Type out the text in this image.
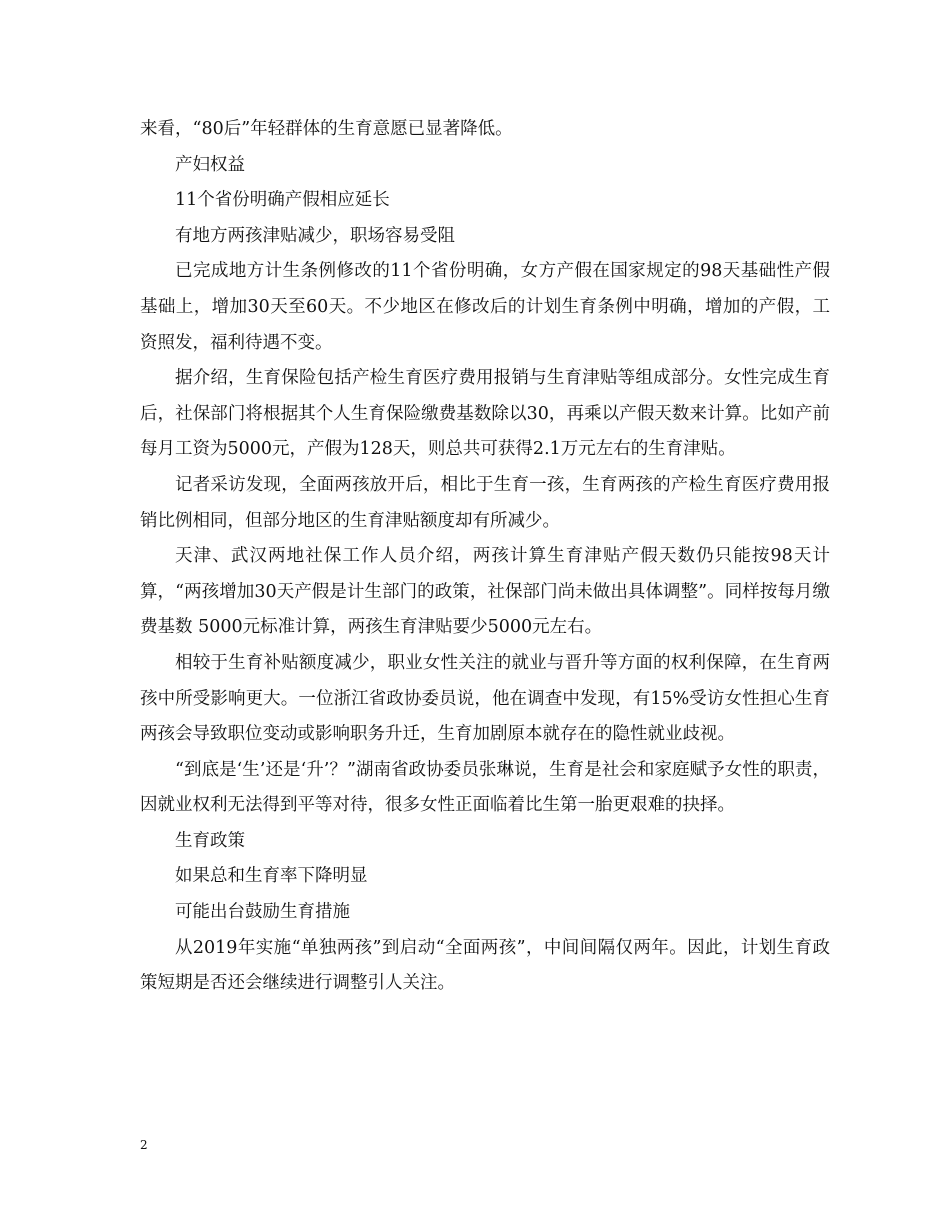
来看，“80后”年轻群体的生育意愿已显著降低。

产妇权益

11个省份明确产假相应延长

有地方两孩津贴减少，职场容易受阻

已完成地方计生条例修改的11个省份明确，女方产假在国家规定的98天基础性产假基础上，增加30天至60天。不少地区在修改后的计划生育条例中明确，增加的产假，工资照发，福利待遇不变。

据介绍，生育保险包括产检生育医疗费用报销与生育津贴等组成部分。女性完成生育后，社保部门将根据其个人生育保险缴费基数除以30，再乘以产假天数来计算。比如产前每月工资为5000元，产假为128天，则总共可获得2.1万元左右的生育津贴。

记者采访发现，全面两孩放开后，相比于生育一孩，生育两孩的产检生育医疗费用报销比例相同，但部分地区的生育津贴额度却有所减少。

天津、武汉两地社保工作人员介绍，两孩计算生育津贴产假天数仍只能按98天计算，“两孩增加30天产假是计生部门的政策，社保部门尚未做出具体调整”。同样按每月缴费基数 5000元标准计算，两孩生育津贴要少5000元左右。

相较于生育补贴额度减少，职业女性关注的就业与晋升等方面的权利保障，在生育两孩中所受影响更大。一位浙江省政协委员说，他在调查中发现，有15%受访女性担心生育两孩会导致职位变动或影响职务升迁，生育加剧原本就存在的隐性就业歧视。

“到底是‘生’还是‘升’？”湖南省政协委员张琳说，生育是社会和家庭赋予女性的职责，因就业权利无法得到平等对待，很多女性正面临着比生第一胎更艰难的抉择。

生育政策

如果总和生育率下降明显

可能出台鼓励生育措施

从2019年实施“单独两孩”到启动“全面两孩”，中间间隔仅两年。因此，计划生育政策短期是否还会继续进行调整引人关注。

2
